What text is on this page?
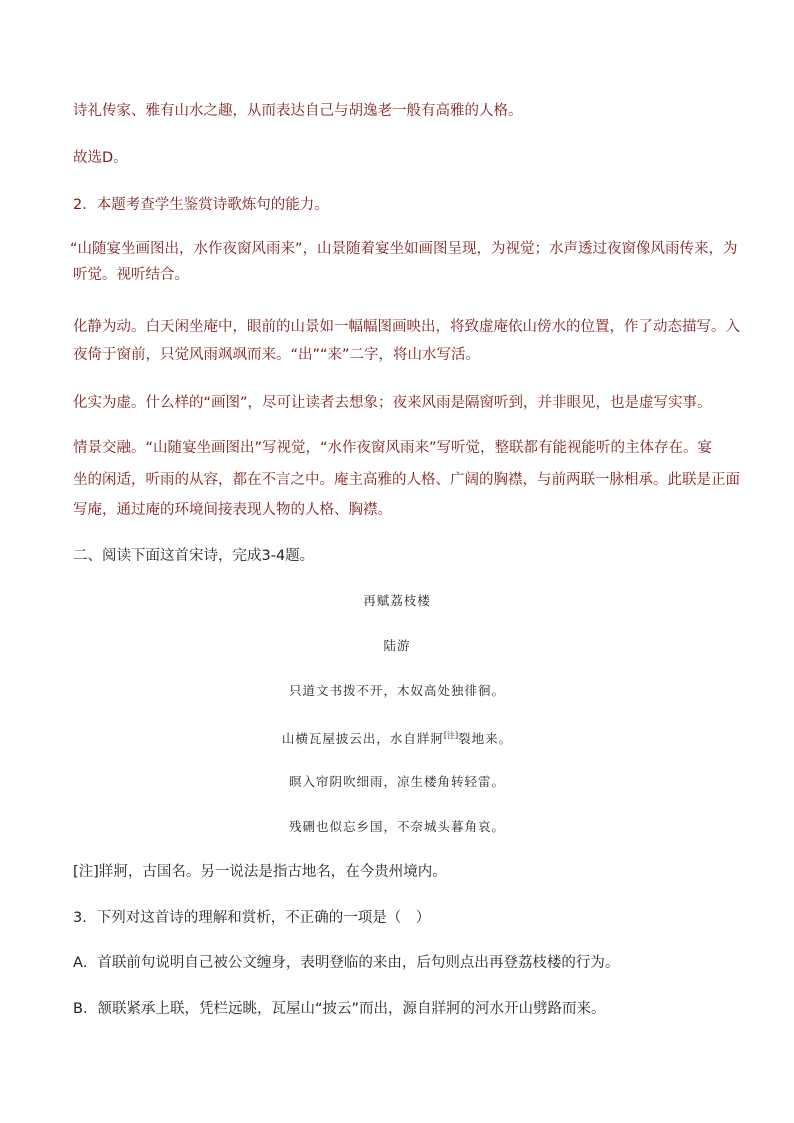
诗礼传家、雅有山水之趣，从而表达自己与胡逸老一般有高雅的人格。
故选D。
2．本题考查学生鉴赏诗歌炼句的能力。
“山随宴坐画图出，水作夜窗风雨来”，山景随着宴坐如画图呈现，为视觉；水声透过夜窗像风雨传来，为
听觉。视听结合。
化静为动。白天闲坐庵中，眼前的山景如一幅幅图画映出，将致虚庵依山傍水的位置，作了动态描写。入
夜倚于窗前，只觉风雨飒飒而来。“出”“来”二字，将山水写活。
化实为虚。什么样的“画图”，尽可让读者去想象；夜来风雨是隔窗听到，并非眼见，也是虚写实事。
情景交融。“山随宴坐画图出”写视觉，“水作夜窗风雨来”写听觉，整联都有能视能听的主体存在。宴
坐的闲适，听雨的从容，都在不言之中。庵主高雅的人格、广阔的胸襟，与前两联一脉相承。此联是正面
写庵，通过庵的环境间接表现人物的人格、胸襟。
二、阅读下面这首宋诗，完成3-4题。
再赋荔枝楼
陆游
只道文书拨不开，木奴高处独徘徊。
山横瓦屋披云出，水自牂牁[注]裂地来。
暝入帘阴吹细雨，凉生楼角转轻雷。
残硎也似忘乡国，不奈城头暮角哀。
[注]牂牁，古国名。另一说法是指古地名，在今贵州境内。
3．下列对这首诗的理解和赏析，不正确的一项是（　）
A．首联前句说明自己被公文缠身，表明登临的来由，后句则点出再登荔枝楼的行为。
B．颔联紧承上联，凭栏远眺，瓦屋山“披云”而出，源自牂牁的河水开山劈路而来。
